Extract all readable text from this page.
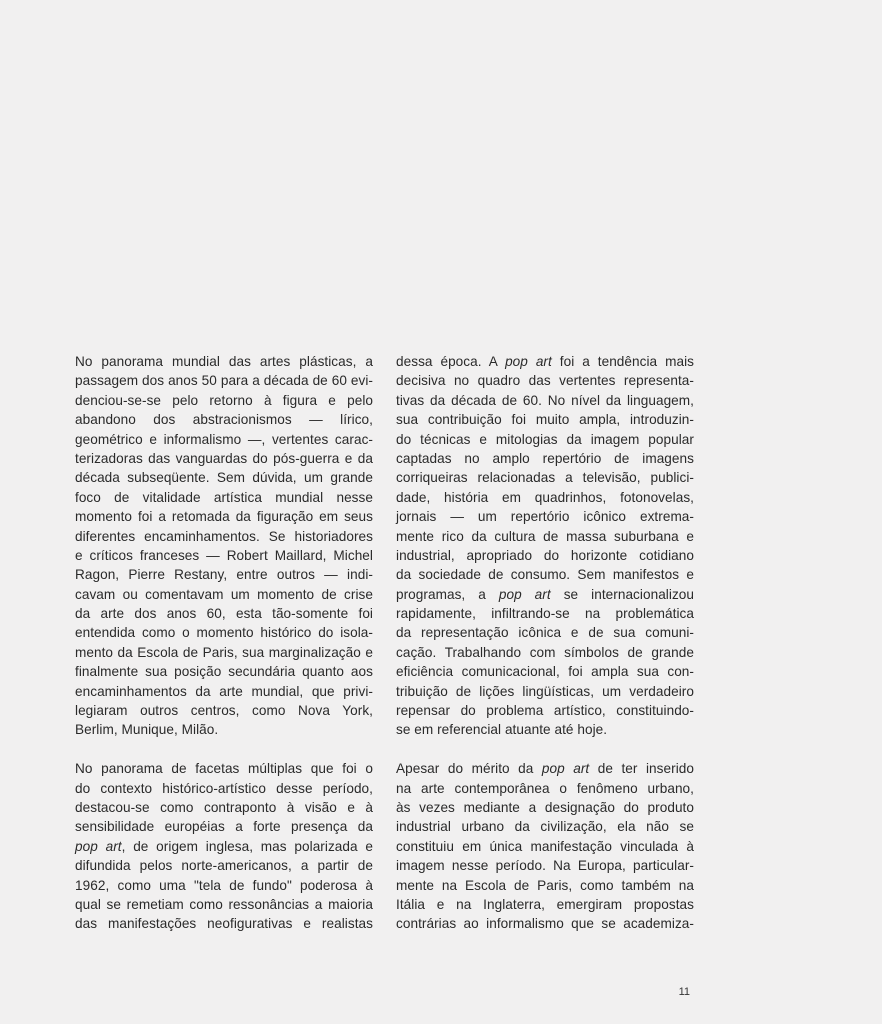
No panorama mundial das artes plásticas, a
passagem dos anos 50 para a década de 60 evi-
denciou-se-se pelo retorno à figura e pelo
abandono dos abstracionismos — lírico,
geométrico e informalismo —, vertentes carac-
terizadoras das vanguardas do pós-guerra e da
década subseqüente. Sem dúvida, um grande
foco de vitalidade artística mundial nesse
momento foi a retomada da figuração em seus
diferentes encaminhamentos. Se historiadores
e críticos franceses — Robert Maillard, Michel
Ragon, Pierre Restany, entre outros — indi-
cavam ou comentavam um momento de crise
da arte dos anos 60, esta tão-somente foi
entendida como o momento histórico do isola-
mento da Escola de Paris, sua marginalização e
finalmente sua posição secundária quanto aos
encaminhamentos da arte mundial, que privi-
legiaram outros centros, como Nova York,
Berlim, Munique, Milão.
No panorama de facetas múltiplas que foi o
do contexto histórico-artístico desse período,
destacou-se como contraponto à visão e à
sensibilidade européias a forte presença da
pop art, de origem inglesa, mas polarizada e
difundida pelos norte-americanos, a partir de
1962, como uma "tela de fundo" poderosa à
qual se remetiam como ressonâncias a maioria
das manifestações neofigurativas e realistas
dessa época. A pop art foi a tendência mais
decisiva no quadro das vertentes representa-
tivas da década de 60. No nível da linguagem,
sua contribuição foi muito ampla, introduzin-
do técnicas e mitologias da imagem popular
captadas no amplo repertório de imagens
corriqueiras relacionadas a televisão, publici-
dade, história em quadrinhos, fotonovelas,
jornais — um repertório icônico extrema-
mente rico da cultura de massa suburbana e
industrial, apropriado do horizonte cotidiano
da sociedade de consumo. Sem manifestos e
programas, a pop art se internacionalizou
rapidamente, infiltrando-se na problemática
da representação icônica e de sua comuni-
cação. Trabalhando com símbolos de grande
eficiência comunicacional, foi ampla sua con-
tribuição de lições lingüísticas, um verdadeiro
repensar do problema artístico, constituindo-
se em referencial atuante até hoje.
Apesar do mérito da pop art de ter inserido
na arte contemporânea o fenômeno urbano,
às vezes mediante a designação do produto
industrial urbano da civilização, ela não se
constituiu em única manifestação vinculada à
imagem nesse período. Na Europa, particular-
mente na Escola de Paris, como também na
Itália e na Inglaterra, emergiram propostas
contrárias ao informalismo que se academiza-
11
